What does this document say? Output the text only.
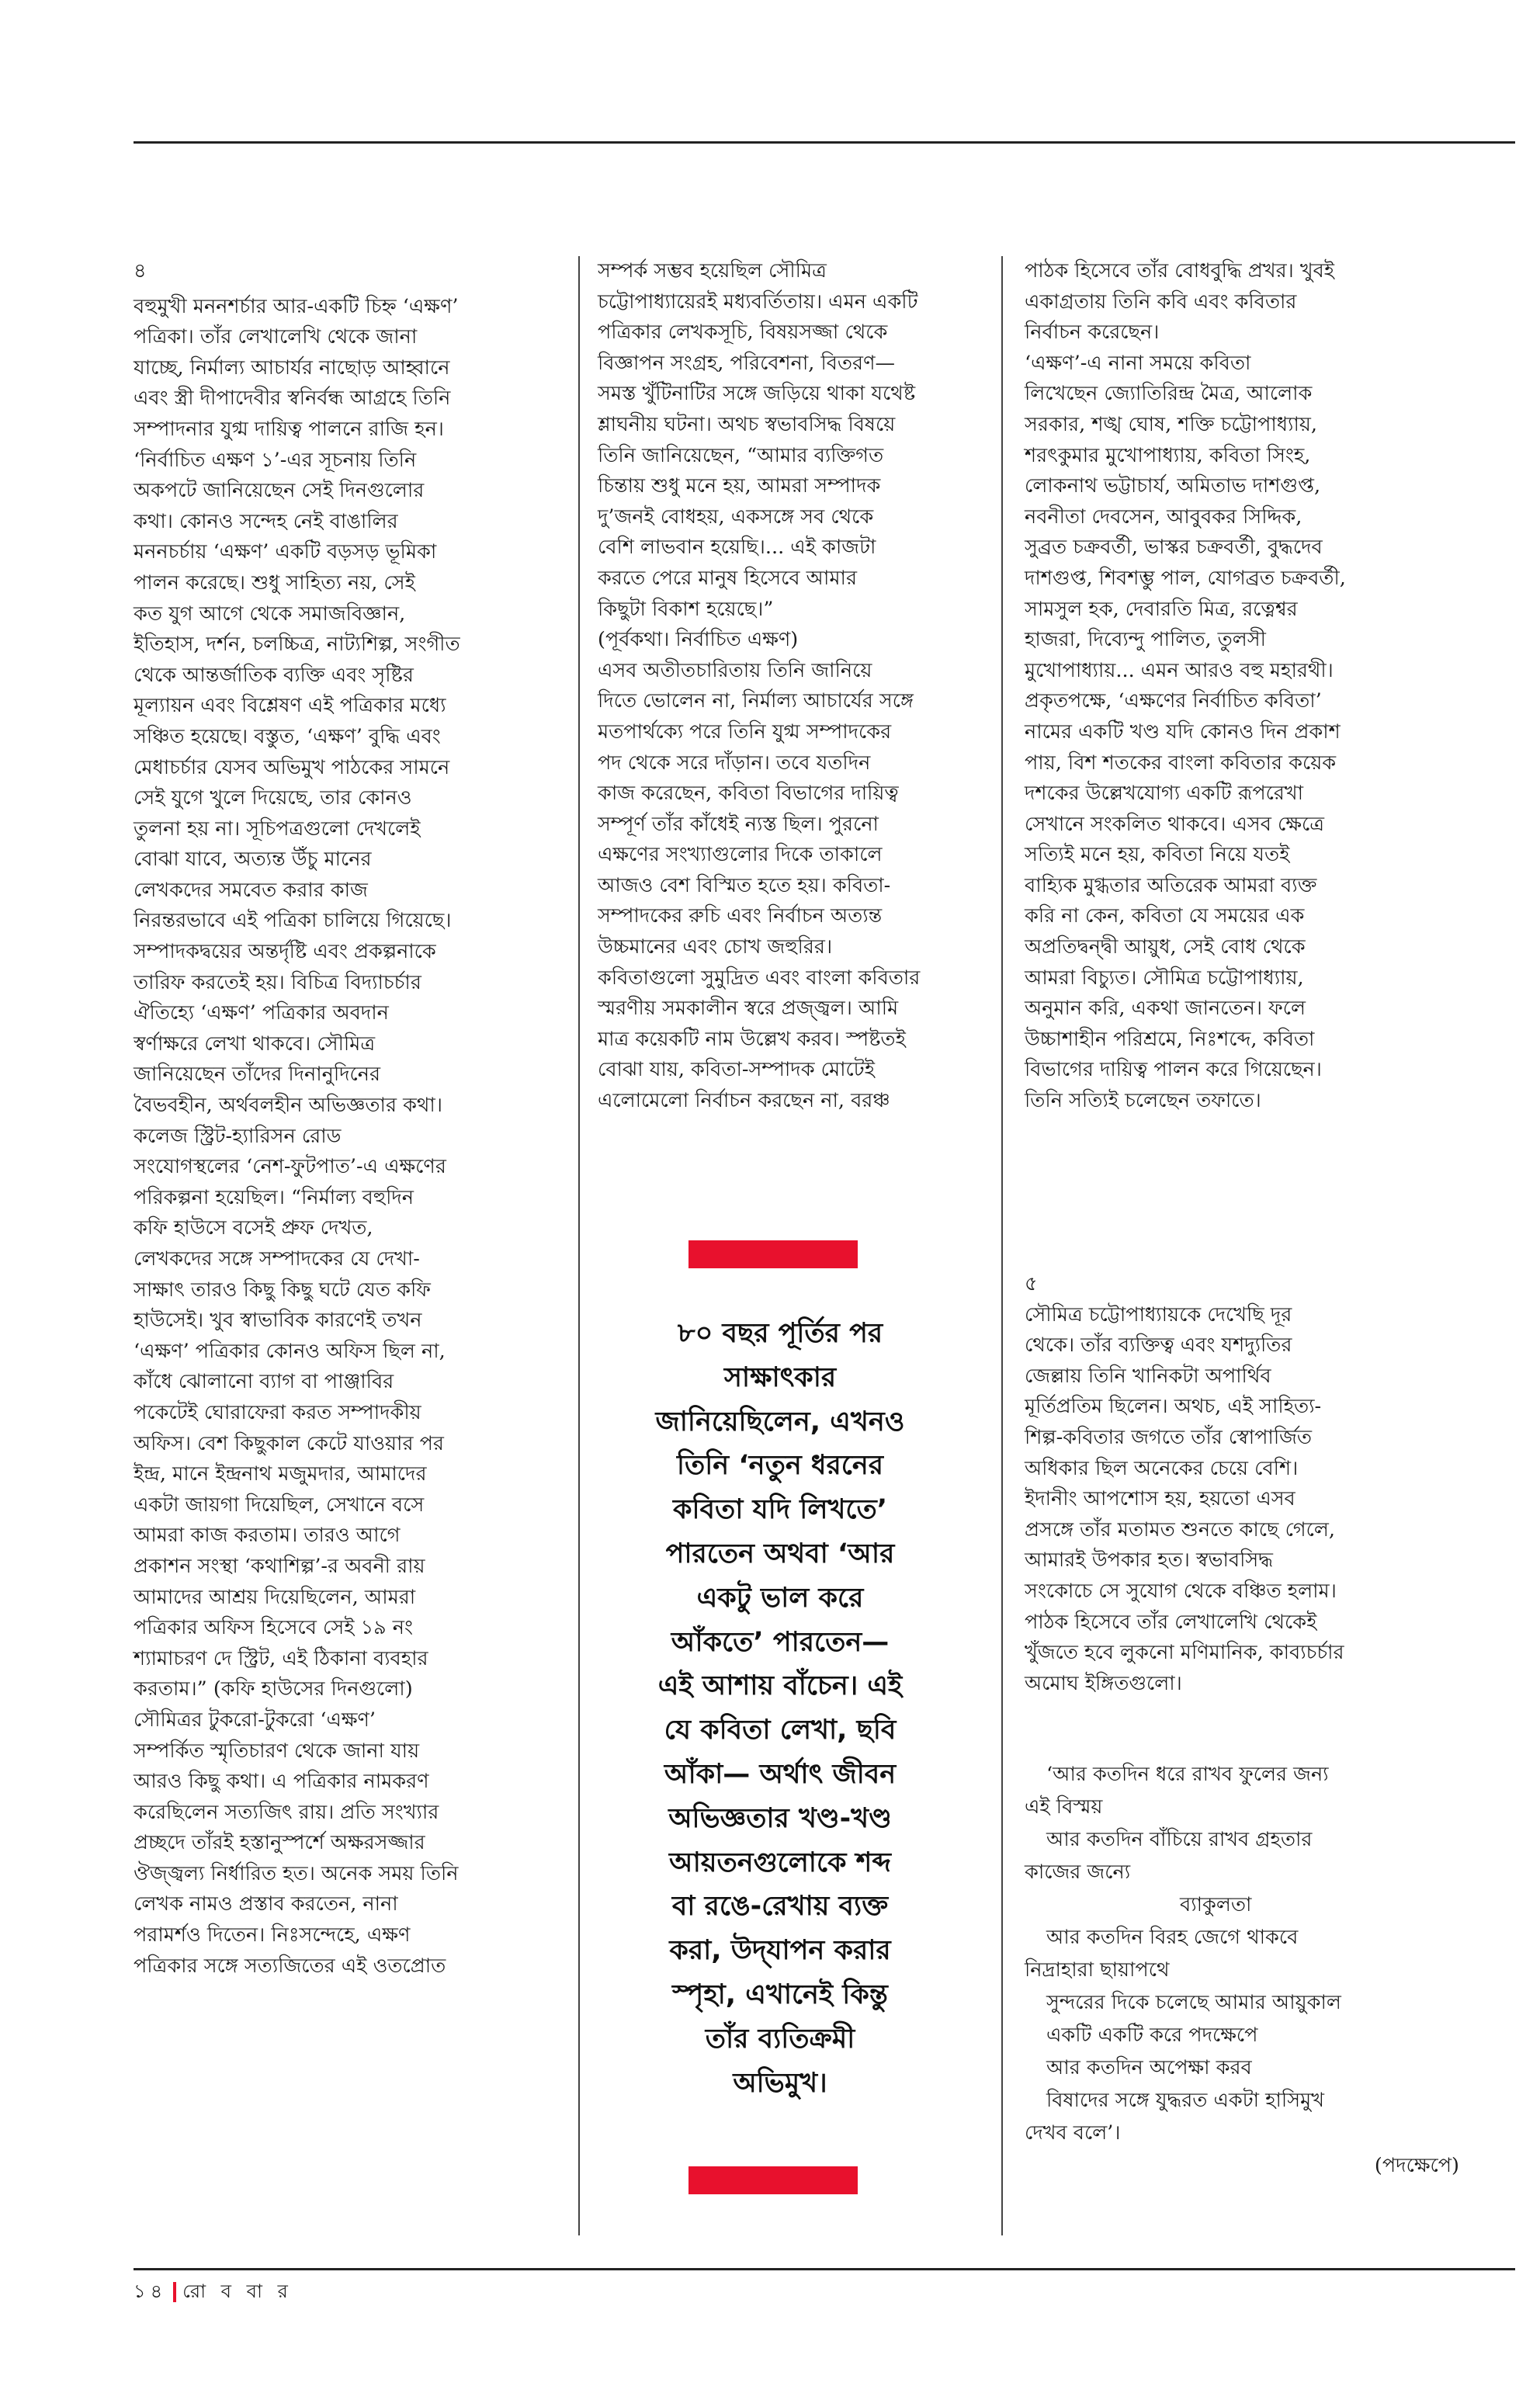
৪
বহুমুখী মননশর্চার আর-একটি চিহ্ন ‘এক্ষণ’
পত্রিকা। তাঁর লেখালেখি থেকে জানা
যাচ্ছে, নির্মাল্য আচার্যর নাছোড় আহ্বানে
এবং স্ত্রী দীপাদেবীর স্বনির্বন্ধ আগ্রহে তিনি
সম্পাদনার যুগ্ম দায়িত্ব পালনে রাজি হন।
‘নির্বাচিত এক্ষণ ১’-এর সূচনায় তিনি
অকপটে জানিয়েছেন সেই দিনগুলোর
কথা। কোনও সন্দেহ নেই বাঙালির
মননচর্চায় ‘এক্ষণ’ একটি বড়সড় ভূমিকা
পালন করেছে। শুধু সাহিত্য নয়, সেই
কত যুগ আগে থেকে সমাজবিজ্ঞান,
ইতিহাস, দর্শন, চলচ্চিত্র, নাট্যশিল্প, সংগীত
থেকে আন্তর্জাতিক ব্যক্তি এবং সৃষ্টির
মূল্যায়ন এবং বিশ্লেষণ এই পত্রিকার মধ্যে
সঞ্চিত হয়েছে। বস্তুত, ‘এক্ষণ’ বুদ্ধি এবং
মেধাচর্চার যেসব অভিমুখ পাঠকের সামনে
সেই যুগে খুলে দিয়েছে, তার কোনও
তুলনা হয় না। সূচিপত্রগুলো দেখলেই
বোঝা যাবে, অত্যন্ত উঁচু মানের
লেখকদের সমবেত করার কাজ
নিরন্তরভাবে এই পত্রিকা চালিয়ে গিয়েছে।
সম্পাদকদ্বয়ের অন্তর্দৃষ্টি এবং প্রকল্পনাকে
তারিফ করতেই হয়। বিচিত্র বিদ্যাচর্চার
ঐতিহ্যে ‘এক্ষণ’ পত্রিকার অবদান
স্বর্ণাক্ষরে লেখা থাকবে। সৌমিত্র
জানিয়েছেন তাঁদের দিনানুদিনের
বৈভবহীন, অর্থবলহীন অভিজ্ঞতার কথা।
কলেজ স্ট্রিট-হ্যারিসন রোড
সংযোগস্থলের ‘নেশ-ফুটপাত’-এ এক্ষণের
পরিকল্পনা হয়েছিল। “নির্মাল্য বহুদিন
কফি হাউসে বসেই প্রুফ দেখত,
লেখকদের সঙ্গে সম্পাদকের যে দেখা-
সাক্ষাৎ তারও কিছু কিছু ঘটে যেত কফি
হাউসেই। খুব স্বাভাবিক কারণেই তখন
‘এক্ষণ’ পত্রিকার কোনও অফিস ছিল না,
কাঁধে ঝোলানো ব্যাগ বা পাঞ্জাবির
পকেটেই ঘোরাফেরা করত সম্পাদকীয়
অফিস। বেশ কিছুকাল কেটে যাওয়ার পর
ইন্দ্র, মানে ইন্দ্রনাথ মজুমদার, আমাদের
একটা জায়গা দিয়েছিল, সেখানে বসে
আমরা কাজ করতাম। তারও আগে
প্রকাশন সংস্থা ‘কথাশিল্প’-র অবনী রায়
আমাদের আশ্রয় দিয়েছিলেন, আমরা
পত্রিকার অফিস হিসেবে সেই ১৯ নং
শ্যামাচরণ দে স্ট্রিট, এই ঠিকানা ব্যবহার
করতাম।” (কফি হাউসের দিনগুলো)
সৌমিত্রর টুকরো-টুকরো ‘এক্ষণ’
সম্পর্কিত স্মৃতিচারণ থেকে জানা যায়
আরও কিছু কথা। এ পত্রিকার নামকরণ
করেছিলেন সত্যজিৎ রায়। প্রতি সংখ্যার
প্রচ্ছদে তাঁরই হস্তানুস্পর্শে অক্ষরসজ্জার
ঔজ্জ্বল্য নির্ধারিত হত। অনেক সময় তিনি
লেখক নামও প্রস্তাব করতেন, নানা
পরামর্শও দিতেন। নিঃসন্দেহে, এক্ষণ
পত্রিকার সঙ্গে সত্যজিতের এই ওতপ্রোত
সম্পর্ক সম্ভব হয়েছিল সৌমিত্র
চট্টোপাধ্যায়েরই মধ্যবর্তিতায়। এমন একটি
পত্রিকার লেখকসূচি, বিষয়সজ্জা থেকে
বিজ্ঞাপন সংগ্রহ, পরিবেশনা, বিতরণ—
সমস্ত খুঁটিনাটির সঙ্গে জড়িয়ে থাকা যথেষ্ট
শ্লাঘনীয় ঘটনা। অথচ স্বভাবসিদ্ধ বিষয়ে
তিনি জানিয়েছেন, “আমার ব্যক্তিগত
চিন্তায় শুধু মনে হয়, আমরা সম্পাদক
দু’জনই বোধহয়, একসঙ্গে সব থেকে
বেশি লাভবান হয়েছি।... এই কাজটা
করতে পেরে মানুষ হিসেবে আমার
কিছুটা বিকাশ হয়েছে।”
(পূর্বকথা। নির্বাচিত এক্ষণ)
এসব অতীতচারিতায় তিনি জানিয়ে
দিতে ভোলেন না, নির্মাল্য আচার্যের সঙ্গে
মতপার্থক্যে পরে তিনি যুগ্ম সম্পাদকের
পদ থেকে সরে দাঁড়ান। তবে যতদিন
কাজ করেছেন, কবিতা বিভাগের দায়িত্ব
সম্পূর্ণ তাঁর কাঁধেই ন্যস্ত ছিল। পুরনো
এক্ষণের সংখ্যাগুলোর দিকে তাকালে
আজও বেশ বিস্মিত হতে হয়। কবিতা-
সম্পাদকের রুচি এবং নির্বাচন অত্যন্ত
উচ্চমানের এবং চোখ জহুরির।
কবিতাগুলো সুমুদ্রিত এবং বাংলা কবিতার
স্মরণীয় সমকালীন স্বরে প্রজ্জ্বল। আমি
মাত্র কয়েকটি নাম উল্লেখ করব। স্পষ্টতই
বোঝা যায়, কবিতা-সম্পাদক মোটেই
এলোমেলো নির্বাচন করছেন না, বরঞ্চ
৮০ বছর পূর্তির পর
সাক্ষাৎকার
জানিয়েছিলেন, এখনও
তিনি ‘নতুন ধরনের
কবিতা যদি লিখতে’
পারতেন অথবা ‘আর
একটু ভাল করে
আঁকতে’ পারতেন—
এই আশায় বাঁচেন। এই
যে কবিতা লেখা, ছবি
আঁকা— অর্থাৎ জীবন
অভিজ্ঞতার খণ্ড-খণ্ড
আয়তনগুলোকে শব্দ
বা রঙে-রেখায় ব্যক্ত
করা, উদ্‌যাপন করার
স্পৃহা, এখানেই কিন্তু
তাঁর ব্যতিক্রমী
অভিমুখ।
পাঠক হিসেবে তাঁর বোধবুদ্ধি প্রখর। খুবই
একাগ্রতায় তিনি কবি এবং কবিতার
নির্বাচন করেছেন।
‘এক্ষণ’-এ নানা সময়ে কবিতা
লিখেছেন জ্যোতিরিন্দ্র মৈত্র, আলোক
সরকার, শঙ্খ ঘোষ, শক্তি চট্টোপাধ্যায়,
শরৎকুমার মুখোপাধ্যায়, কবিতা সিংহ,
লোকনাথ ভট্টাচার্য, অমিতাভ দাশগুপ্ত,
নবনীতা দেবসেন, আবুবকর সিদ্দিক,
সুব্রত চক্রবর্তী, ভাস্কর চক্রবর্তী, বুদ্ধদেব
দাশগুপ্ত, শিবশম্ভু পাল, যোগব্রত চক্রবর্তী,
সামসুল হক, দেবারতি মিত্র, রত্নেশ্বর
হাজরা, দিব্যেন্দু পালিত, তুলসী
মুখোপাধ্যায়... এমন আরও বহু মহারথী।
প্রকৃতপক্ষে, ‘এক্ষণের নির্বাচিত কবিতা’
নামের একটি খণ্ড যদি কোনও দিন প্রকাশ
পায়, বিশ শতকের বাংলা কবিতার কয়েক
দশকের উল্লেখযোগ্য একটি রূপরেখা
সেখানে সংকলিত থাকবে। এসব ক্ষেত্রে
সত্যিই মনে হয়, কবিতা নিয়ে যতই
বাহ্যিক মুগ্ধতার অতিরেক আমরা ব্যক্ত
করি না কেন, কবিতা যে সময়ের এক
অপ্রতিদ্বন্দ্বী আয়ুধ, সেই বোধ থেকে
আমরা বিচ্যুত। সৌমিত্র চট্টোপাধ্যায়,
অনুমান করি, একথা জানতেন। ফলে
উচ্চাশাহীন পরিশ্রমে, নিঃশব্দে, কবিতা
বিভাগের দায়িত্ব পালন করে গিয়েছেন।
তিনি সত্যিই চলেছেন তফাতে।
৫
সৌমিত্র চট্টোপাধ্যায়কে দেখেছি দূর
থেকে। তাঁর ব্যক্তিত্ব এবং যশদ্যুতির
জেল্লায় তিনি খানিকটা অপার্থিব
মূর্তিপ্রতিম ছিলেন। অথচ, এই সাহিত্য-
শিল্প-কবিতার জগতে তাঁর স্বোপার্জিত
অধিকার ছিল অনেকের চেয়ে বেশি।
ইদানীং আপশোস হয়, হয়তো এসব
প্রসঙ্গে তাঁর মতামত শুনতে কাছে গেলে,
আমারই উপকার হত। স্বভাবসিদ্ধ
সংকোচে সে সুযোগ থেকে বঞ্চিত হলাম।
পাঠক হিসেবে তাঁর লেখালেখি থেকেই
খুঁজতে হবে লুকনো মণিমানিক, কাব্যচর্চার
অমোঘ ইঙ্গিতগুলো।
‘আর কতদিন ধরে রাখব ফুলের জন্য
এই বিস্ময়
আর কতদিন বাঁচিয়ে রাখব গ্রহতার
কাজের জন্যে
ব্যাকুলতা
আর কতদিন বিরহ জেগে থাকবে
নিদ্রাহারা ছায়াপথে
সুন্দরের দিকে চলেছে আমার আয়ুকাল
একটি একটি করে পদক্ষেপে
আর কতদিন অপেক্ষা করব
বিষাদের সঙ্গে যুদ্ধরত একটা হাসিমুখ
দেখব বলে’।
(পদক্ষেপে)
১৪ রো ব বা র
